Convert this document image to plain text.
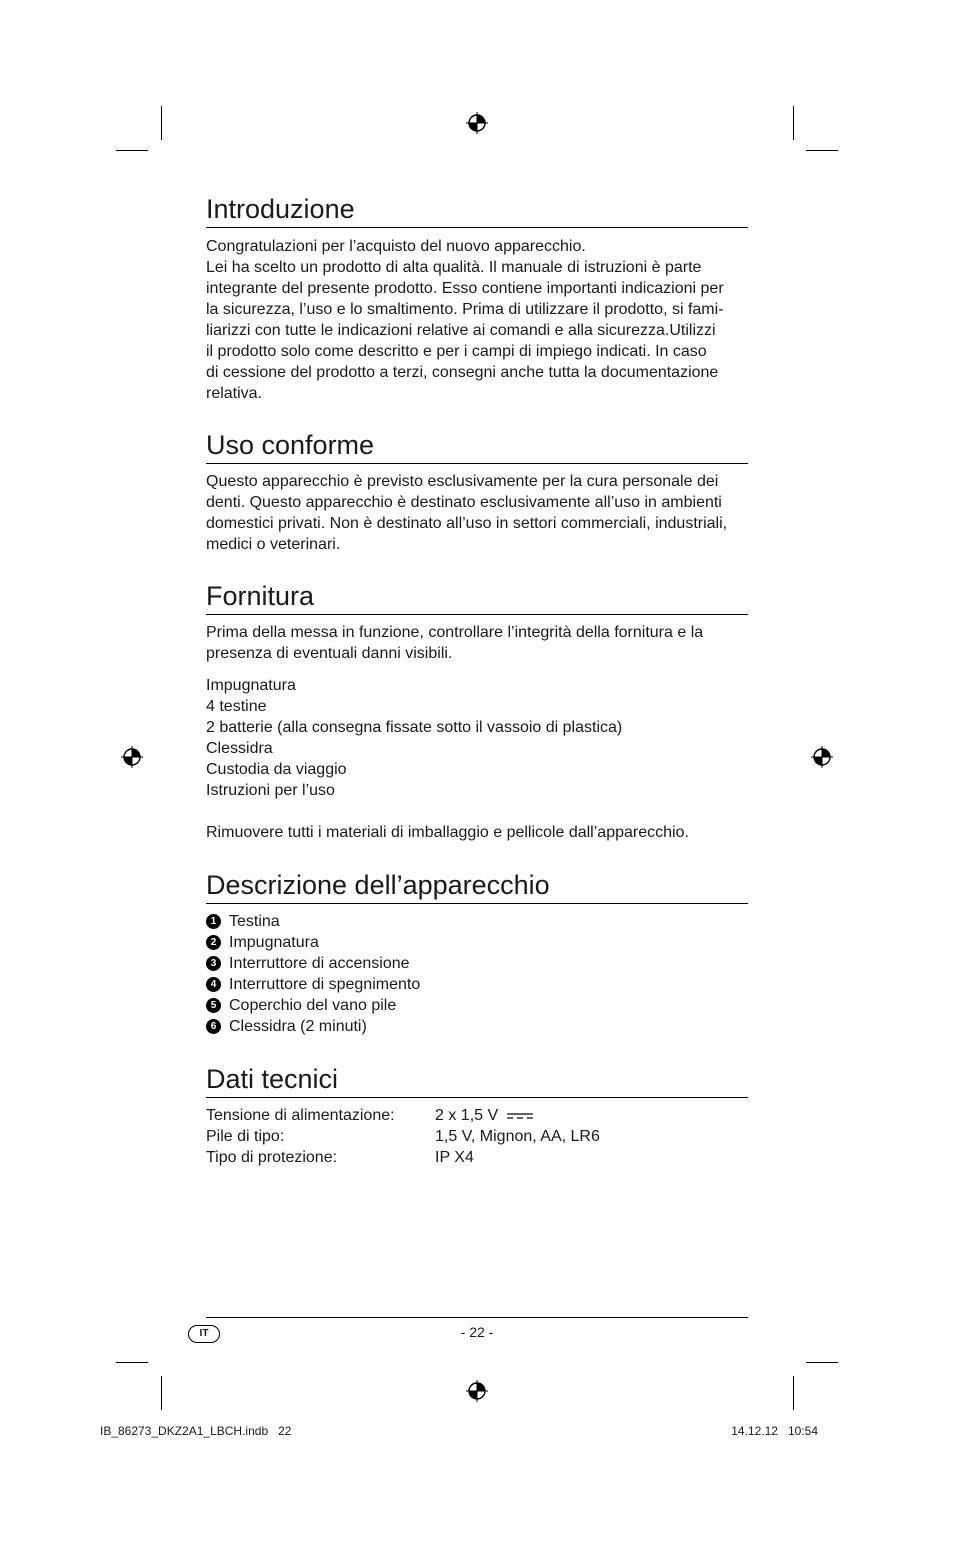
Introduzione

Congratulazioni per l’acquisto del nuovo apparecchio.

Lei ha scelto un prodotto di alta qualità. Il manuale di istruzioni è parte

integrante del presente prodotto. Esso contiene importanti indicazioni per

la sicurezza, l’uso e lo smaltimento. Prima di utilizzare il prodotto, si fami-

liarizzi con tutte le indicazioni relative ai comandi e alla sicurezza.Utilizzi

il prodotto solo come descritto e per i campi di impiego indicati. In caso

di cessione del prodotto a terzi, consegni anche tutta la documentazione

relativa.

Uso conforme

Questo apparecchio è previsto esclusivamente per la cura personale dei

denti. Questo apparecchio è destinato esclusivamente all’uso in ambienti

domestici privati. Non è destinato all’uso in settori commerciali, industriali,

medici o veterinari.

Fornitura

Prima della messa in funzione, controllare l’integrità della fornitura e la

presenza di eventuali danni visibili.

Impugnatura
4 testine
2 batterie (alla consegna fissate sotto il vassoio di plastica)
Clessidra
Custodia da viaggio
Istruzioni per l’uso

Rimuovere tutti i materiali di imballaggio e pellicole dall’apparecchio.

Descrizione dell’apparecchio
1 Testina
2 Impugnatura
3 Interruttore di accensione
4 Interruttore di spegnimento
5 Coperchio del vano pile
6 Clessidra (2 minuti)
Dati tecnici
Tensione di alimentazione:	2 x 1,5 V
Pile di tipo:	1,5 V, Mignon, AA, LR6
Tipo di protezione:	IP X4
IT	- 22 -
IB_86273_DKZ2A1_LBCH.indb   22	14.12.12   10:54
